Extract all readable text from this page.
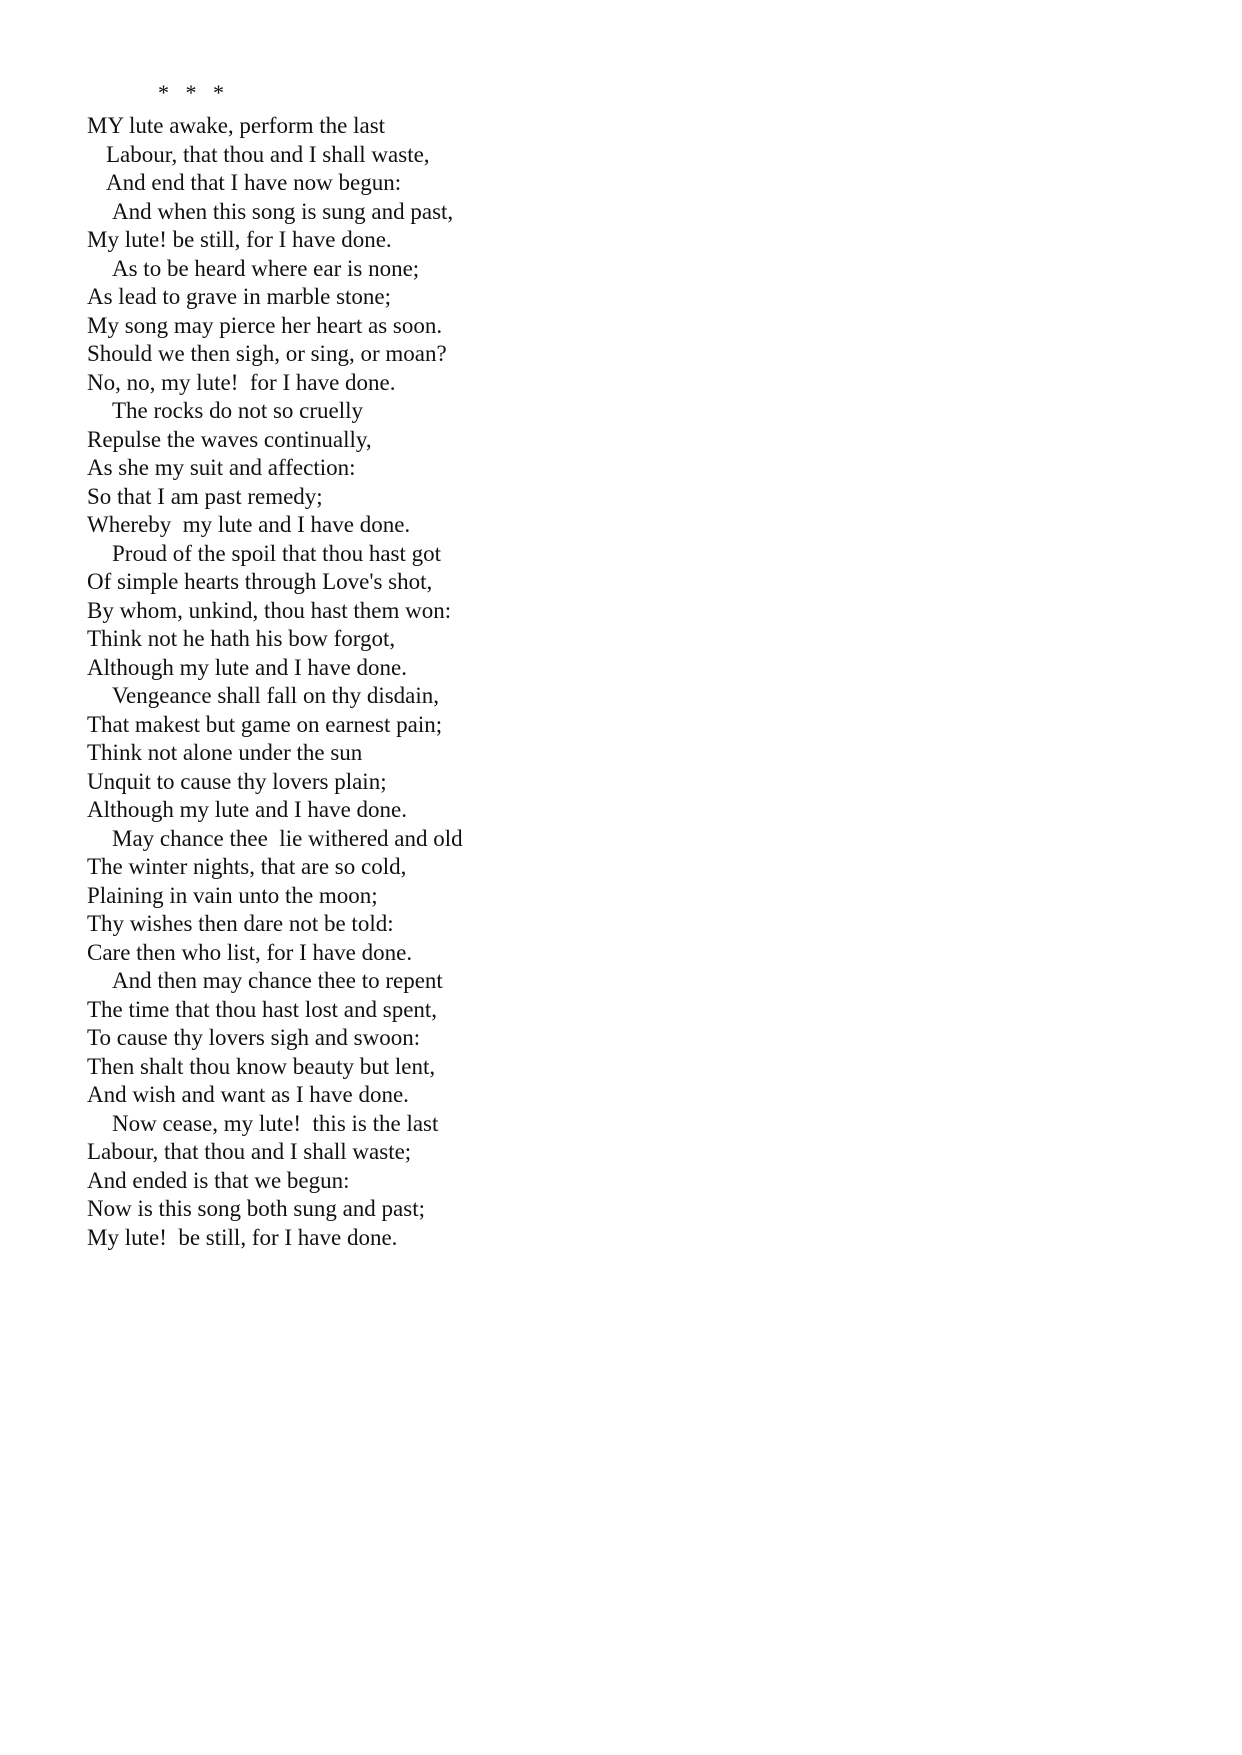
*   *   *
MY lute awake, perform the last
Labour, that thou and I shall waste,
And end that I have now begun:
And when this song is sung and past,
My lute! be still, for I have done.
As to be heard where ear is none;
As lead to grave in marble stone;
My song may pierce her heart as soon.
Should we then sigh, or sing, or moan?
No, no, my lute!  for I have done.
The rocks do not so cruelly
Repulse the waves continually,
As she my suit and affection:
So that I am past remedy;
Whereby  my lute and I have done.
Proud of the spoil that thou hast got
Of simple hearts through Love's shot,
By whom, unkind, thou hast them won:
Think not he hath his bow forgot,
Although my lute and I have done.
Vengeance shall fall on thy disdain,
That makest but game on earnest pain;
Think not alone under the sun
Unquit to cause thy lovers plain;
Although my lute and I have done.
May chance thee  lie withered and old
The winter nights, that are so cold,
Plaining in vain unto the moon;
Thy wishes then dare not be told:
Care then who list, for I have done.
And then may chance thee to repent
The time that thou hast lost and spent,
To cause thy lovers sigh and swoon:
Then shalt thou know beauty but lent,
And wish and want as I have done.
Now cease, my lute!  this is the last
Labour, that thou and I shall waste;
And ended is that we begun:
Now is this song both sung and past;
My lute!  be still, for I have done.
